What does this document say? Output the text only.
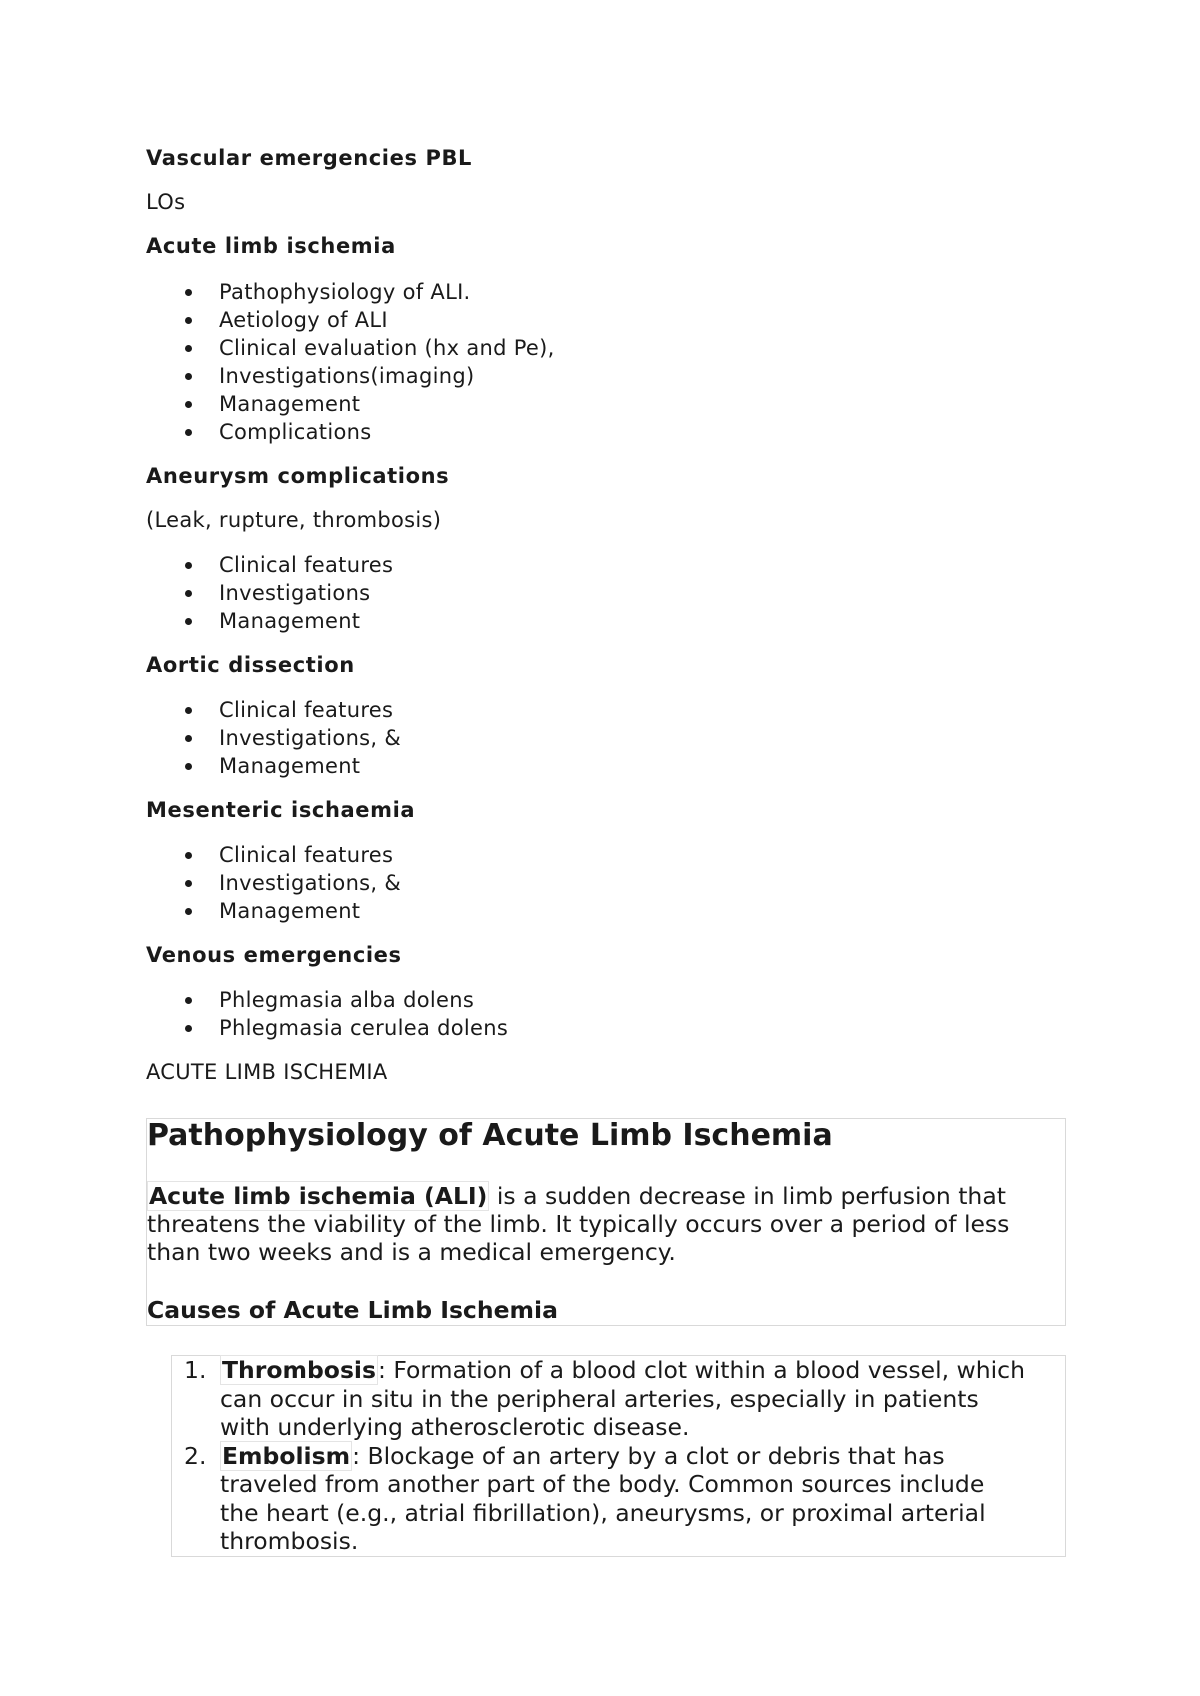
Vascular emergencies PBL
LOs
Acute limb ischemia
Pathophysiology of ALI.
Aetiology of ALI
Clinical evaluation (hx and Pe),
Investigations(imaging)
Management
Complications
Aneurysm complications
(Leak, rupture, thrombosis)
Clinical features
Investigations
Management
Aortic dissection
Clinical features
Investigations, &
Management
Mesenteric ischaemia
Clinical features
Investigations, &
Management
Venous emergencies
Phlegmasia alba dolens
Phlegmasia cerulea dolens
ACUTE LIMB ISCHEMIA
Pathophysiology of Acute Limb Ischemia
Acute limb ischemia (ALI) is a sudden decrease in limb perfusion that
threatens the viability of the limb. It typically occurs over a period of less
than two weeks and is a medical emergency.
Causes of Acute Limb Ischemia
1. Thrombosis: Formation of a blood clot within a blood vessel, which
can occur in situ in the peripheral arteries, especially in patients
with underlying atherosclerotic disease.
2. Embolism: Blockage of an artery by a clot or debris that has
traveled from another part of the body. Common sources include
the heart (e.g., atrial fibrillation), aneurysms, or proximal arterial
thrombosis.
